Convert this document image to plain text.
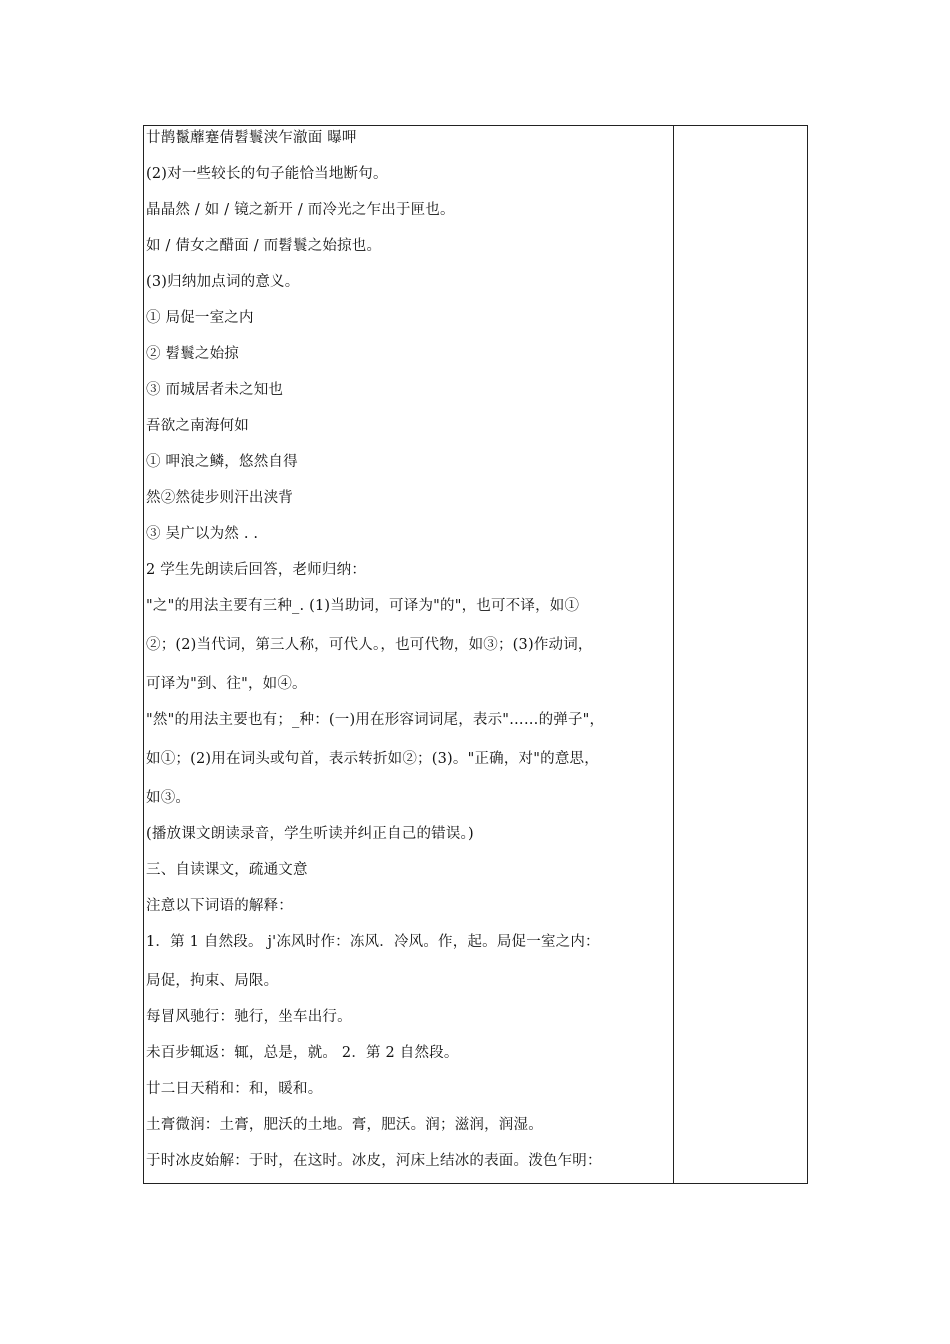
廿鹊鬣蘼蹇倩髫鬟浃乍澈面 曝呷
(2)对一些较长的句子能恰当地断句。
晶晶然 / 如 / 镜之新开 / 而冷光之乍出于匣也。
如 / 倩女之醋面 / 而髫鬟之始掠也。
(3)归纳加点词的意义。
① 局促一室之内
② 髫鬟之始掠
③ 而城居者未之知也
吾欲之南海何如
① 呷浪之鳞，悠然自得
然②然徒步则汗出浃背
③ 吴广以为然 . .
2 学生先朗读后回答，老师归纳：
"之"的用法主要有三种_. (1)当助词，可译为"的"，也可不译，如①
②；(2)当代词，第三人称，可代人。，也可代物，如③；(3)作动词，
可译为"到、往"，如④。
"然"的用法主要也有；_种：(一)用在形容词词尾，表示"……的弹子"，
如①；(2)用在词头或句首，表示转折如②；(3)。"正确，对"的意思，
如③。
(播放课文朗读录音，学生听读并纠正自己的错误。)
三、自读课文，疏通文意
注意以下词语的解释：
1．第 1 自然段。 j'冻风时作：冻风．冷风。作，起。局促一室之内：
局促，拘束、局限。
每冒风驰行：驰行，坐车出行。
未百步辄返：辄，总是，就。 2．第 2 自然段。
廿二日天稍和：和，暖和。
土膏微润：土膏，肥沃的土地。膏，肥沃。润；滋润，润湿。
于时冰皮始解：于时，在这时。冰皮，河床上结冰的表面。泼色乍明：
